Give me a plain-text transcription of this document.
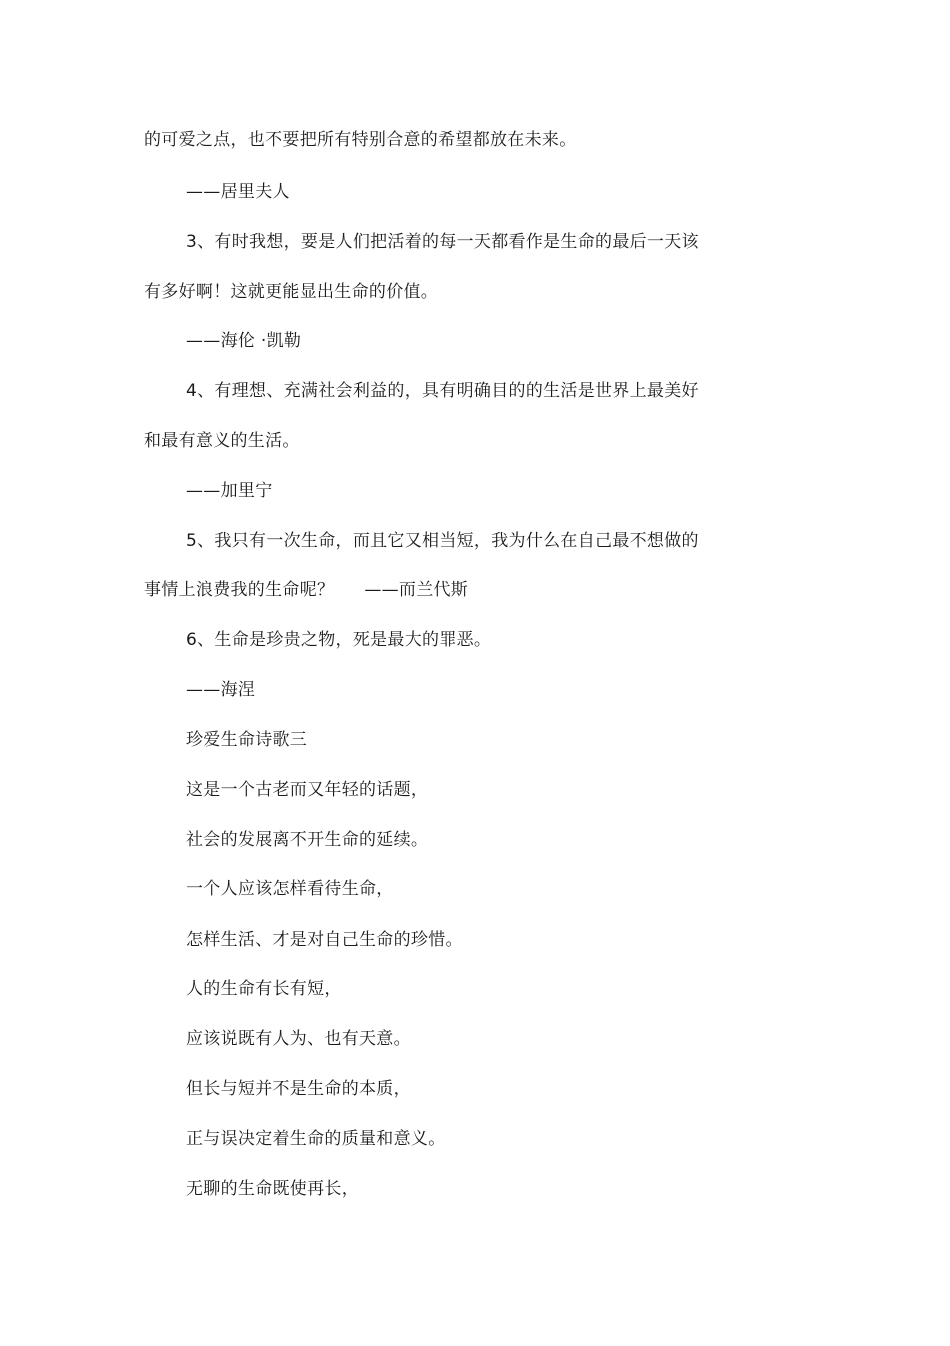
的可爱之点，也不要把所有特别合意的希望都放在未来。
——居里夫人
3、有时我想，要是人们把活着的每一天都看作是生命的最后一天该
有多好啊！这就更能显出生命的价值。
——海伦 ·凯勒
4、有理想、充满社会利益的，具有明确目的的生活是世界上最美好
和最有意义的生活。
——加里宁
5、我只有一次生命，而且它又相当短，我为什么在自己最不想做的
事情上浪费我的生命呢？ ——而兰代斯
6、生命是珍贵之物，死是最大的罪恶。
——海涅
珍爱生命诗歌三
这是一个古老而又年轻的话题，
社会的发展离不开生命的延续。
一个人应该怎样看待生命，
怎样生活、才是对自己生命的珍惜。
人的生命有长有短，
应该说既有人为、也有天意。
但长与短并不是生命的本质，
正与误决定着生命的质量和意义。
无聊的生命既使再长，
